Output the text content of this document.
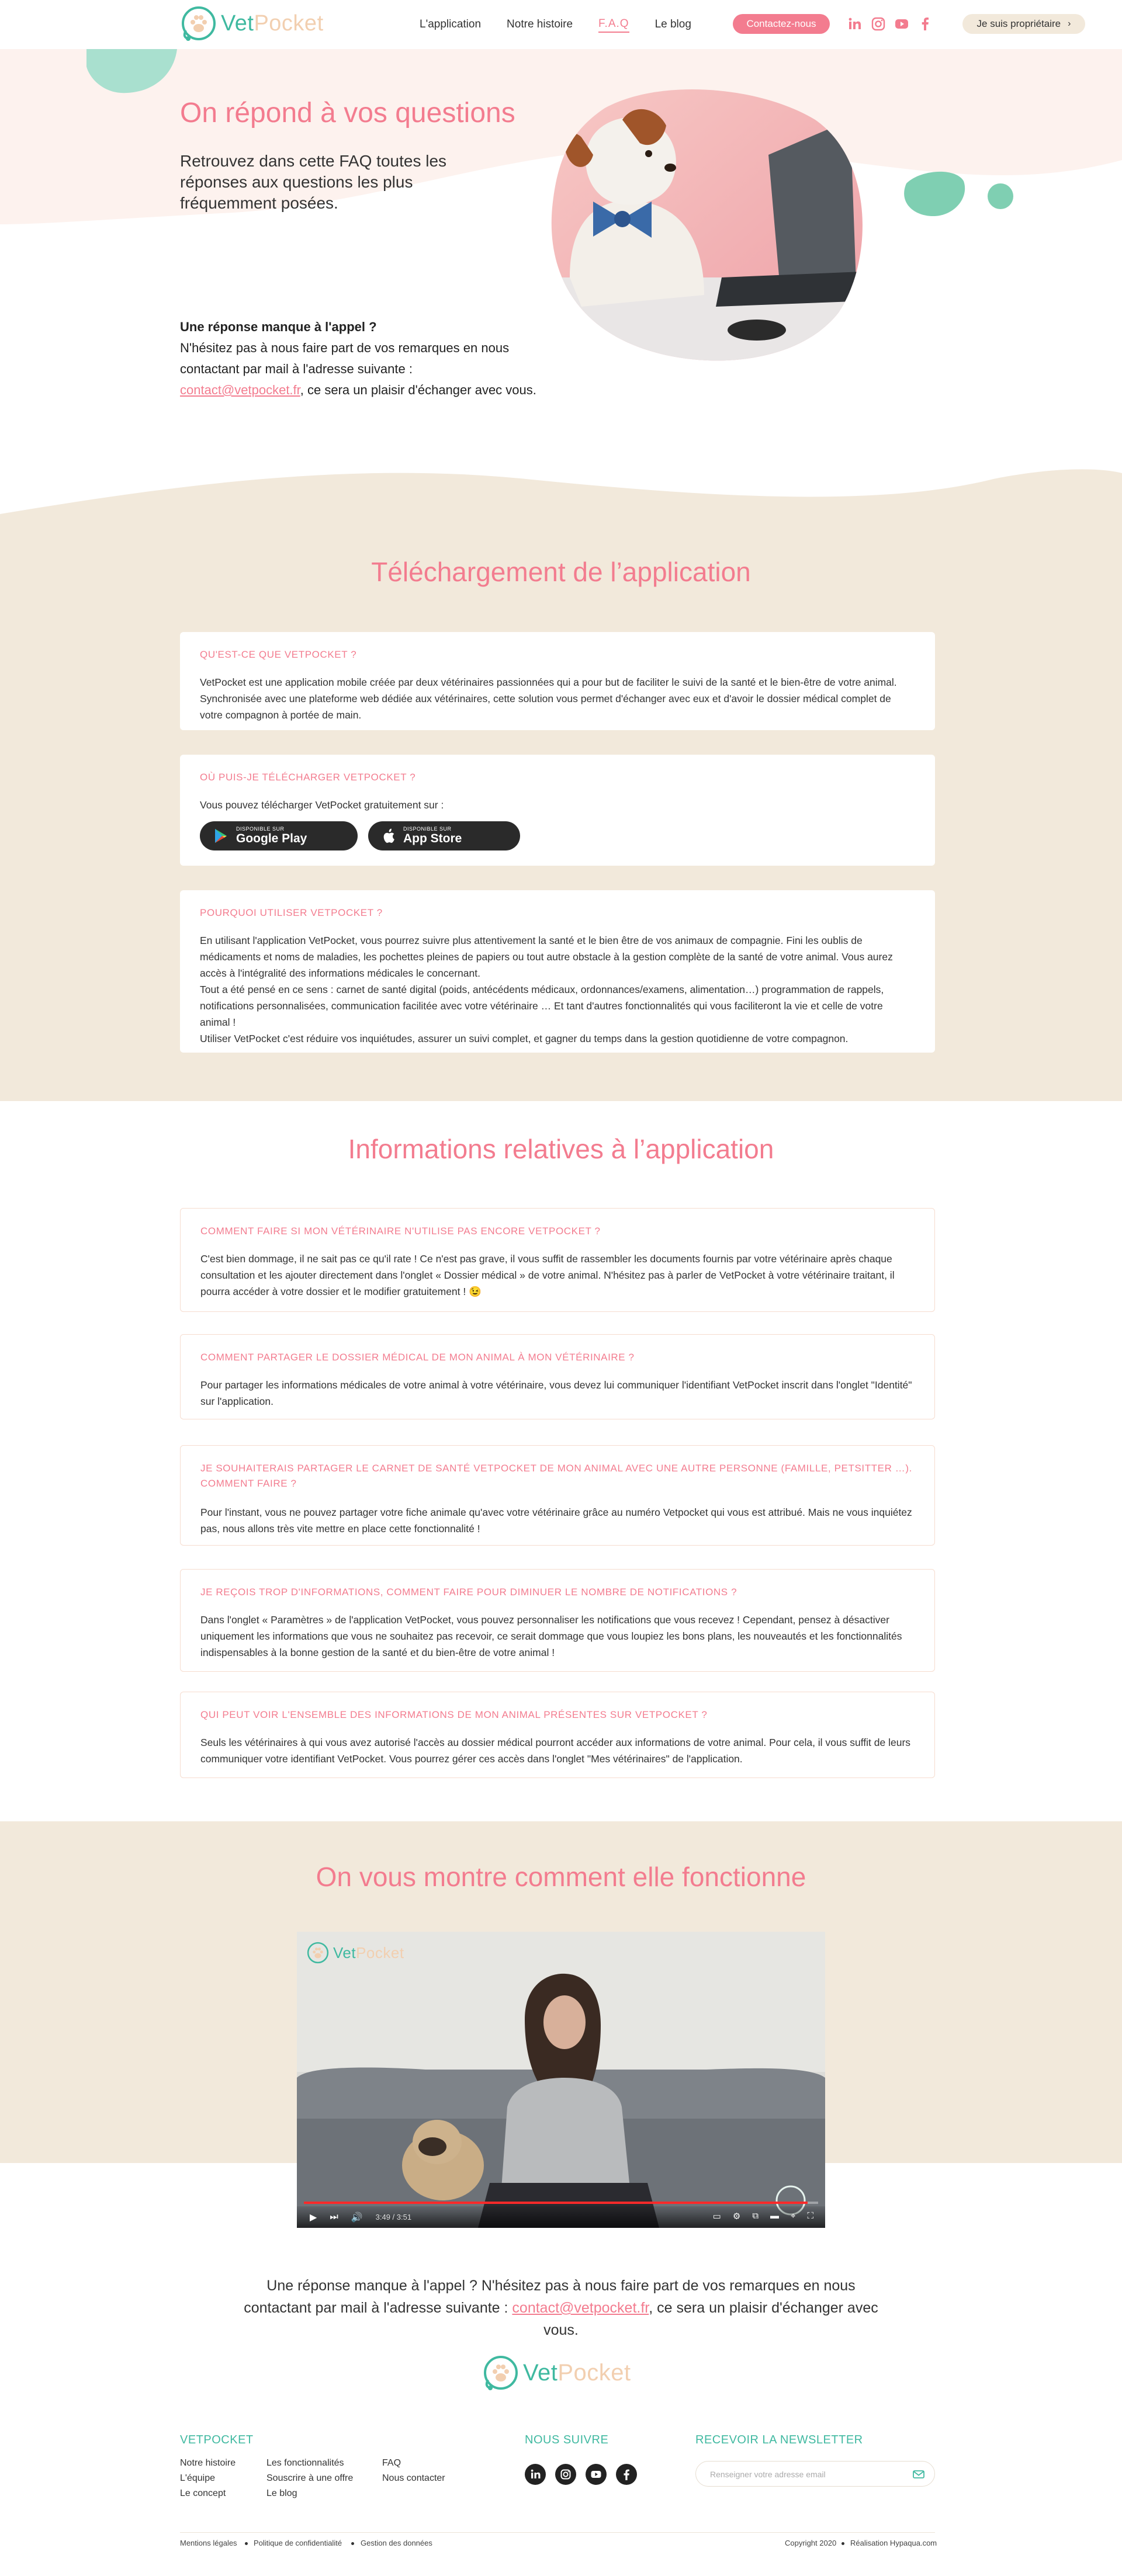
VetPocket	L'application Notre histoire F.A.Q Le blog	Contactez-nous	Je suis propriétaire ›
On répond à vos questions

Retrouvez dans cette FAQ toutes les réponses aux questions les plus fréquemment posées.

Une réponse manque à l'appel ?
N'hésitez pas à nous faire part de vos remarques en nous contactant par mail à l'adresse suivante :
contact@vetpocket.fr, ce sera un plaisir d'échanger avec vous.
Téléchargement de l’application
QU'EST-CE QUE VETPOCKET ?
VetPocket est une application mobile créée par deux vétérinaires passionnées qui a pour but de faciliter le suivi de la santé et le bien-être de votre animal. Synchronisée avec une plateforme web dédiée aux vétérinaires, cette solution vous permet d'échanger avec eux et d'avoir le dossier médical complet de votre compagnon à portée de main.
OÙ PUIS-JE TÉLÉCHARGER VETPOCKET ?
Vous pouvez télécharger VetPocket gratuitement sur :
DISPONIBLE SUR
Google Play
DISPONIBLE SUR
App Store
POURQUOI UTILISER VETPOCKET ?
En utilisant l'application VetPocket, vous pourrez suivre plus attentivement la santé et le bien être de vos animaux de compagnie. Fini les oublis de médicaments et noms de maladies, les pochettes pleines de papiers ou tout autre obstacle à la gestion complète de la santé de votre animal. Vous aurez accès à l'intégralité des informations médicales le concernant.
Tout a été pensé en ce sens : carnet de santé digital (poids, antécédents médicaux, ordonnances/examens, alimentation…) programmation de rappels, notifications personnalisées, communication facilitée avec votre vétérinaire … Et tant d'autres fonctionnalités qui vous faciliteront la vie et celle de votre animal !
Utiliser VetPocket c'est réduire vos inquiétudes, assurer un suivi complet, et gagner du temps dans la gestion quotidienne de votre compagnon.
Informations relatives à l’application
COMMENT FAIRE SI MON VÉTÉRINAIRE N'UTILISE PAS ENCORE VETPOCKET ?
C'est bien dommage, il ne sait pas ce qu'il rate ! Ce n'est pas grave, il vous suffit de rassembler les documents fournis par votre vétérinaire après chaque consultation et les ajouter directement dans l'onglet « Dossier médical » de votre animal. N'hésitez pas à parler de VetPocket à votre vétérinaire traitant, il pourra accéder à votre dossier et le modifier gratuitement ! 😉
COMMENT PARTAGER LE DOSSIER MÉDICAL DE MON ANIMAL À MON VÉTÉRINAIRE ?
Pour partager les informations médicales de votre animal à votre vétérinaire, vous devez lui communiquer l'identifiant VetPocket inscrit dans l'onglet "Identité" sur l'application.
JE SOUHAITERAIS PARTAGER LE CARNET DE SANTÉ VETPOCKET DE MON ANIMAL AVEC UNE AUTRE PERSONNE (FAMILLE, PETSITTER …). COMMENT FAIRE ?
Pour l'instant, vous ne pouvez partager votre fiche animale qu'avec votre vétérinaire grâce au numéro Vetpocket qui vous est attribué. Mais ne vous inquiétez pas, nous allons très vite mettre en place cette fonctionnalité !
JE REÇOIS TROP D'INFORMATIONS, COMMENT FAIRE POUR DIMINUER LE NOMBRE DE NOTIFICATIONS ?
Dans l'onglet « Paramètres » de l'application VetPocket, vous pouvez personnaliser les notifications que vous recevez ! Cependant, pensez à désactiver uniquement les informations que vous ne souhaitez pas recevoir, ce serait dommage que vous loupiez les bons plans, les nouveautés et les fonctionnalités indispensables à la bonne gestion de la santé et du bien-être de votre animal !
QUI PEUT VOIR L'ENSEMBLE DES INFORMATIONS DE MON ANIMAL PRÉSENTES SUR VETPOCKET ?
Seuls les vétérinaires à qui vous avez autorisé l'accès au dossier médical pourront accéder aux informations de votre animal. Pour cela, il vous suffit de leurs communiquer votre identifiant VetPocket. Vous pourrez gérer ces accès dans l'onglet "Mes vétérinaires" de l'application.
On vous montre comment elle fonctionne
VetPocket
▶ ⏭ 🔊 3:49 / 3:51	▭ ⚙ ⧉ ▬ ⌖ ⛶

Une réponse manque à l'appel ? N'hésitez pas à nous faire part de vos remarques en nous contactant par mail à l'adresse suivante : contact@vetpocket.fr, ce sera un plaisir d'échanger avec vous.

VetPocket
VETPOCKET
Notre histoire
L'équipe
Le concept
Les fonctionnalités
Souscrire à une offre
Le blog
FAQ
Nous contacter
NOUS SUIVRE	RECEVOIR LA NEWSLETTER
Renseigner votre adresse email
Mentions légales Politique de confidentialité Gestion des données	Copyright 2020 Réalisation Hypaqua.com
